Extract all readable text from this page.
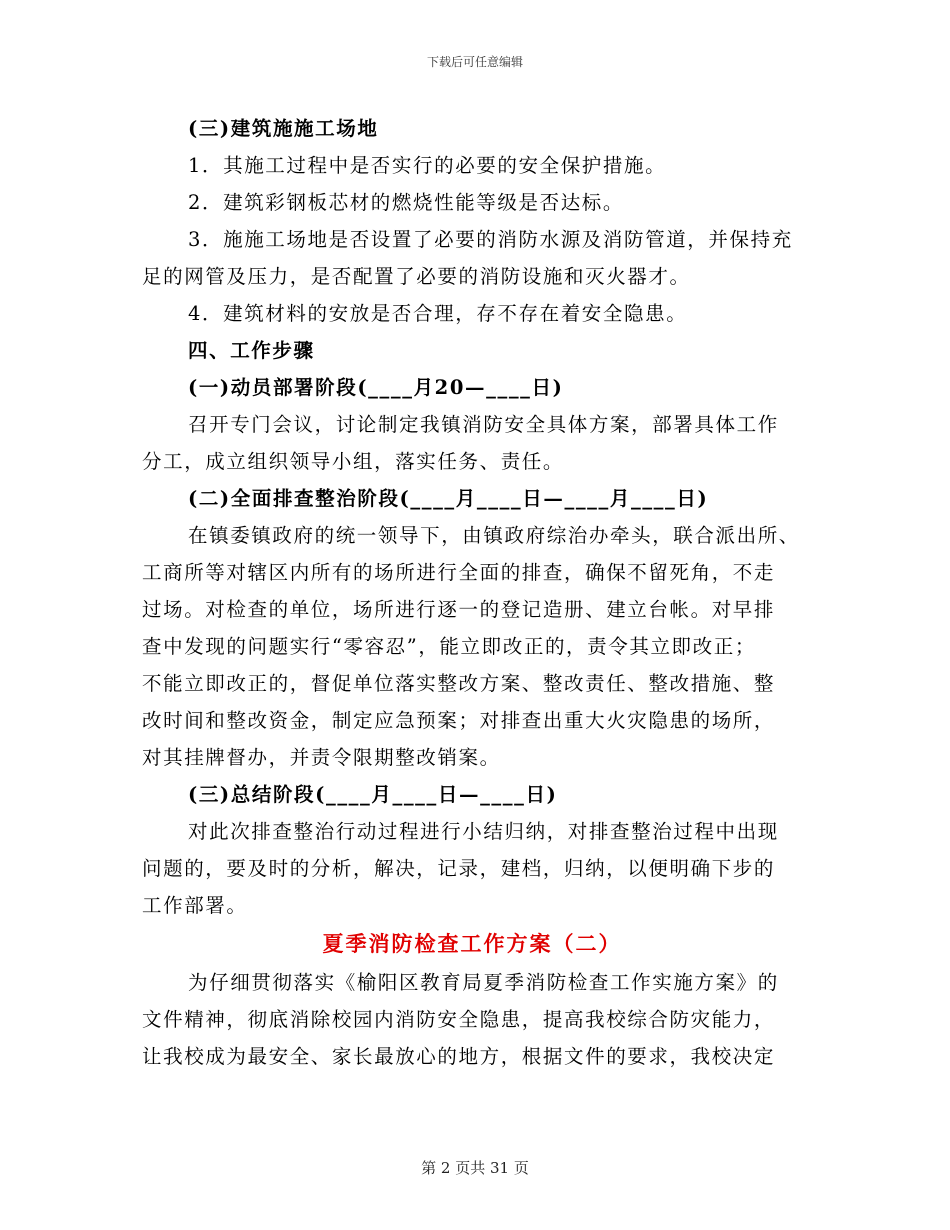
下载后可任意编辑
(三)建筑施施工场地
1．其施工过程中是否实行的必要的安全保护措施。
2．建筑彩钢板芯材的燃烧性能等级是否达标。
3．施施工场地是否设置了必要的消防水源及消防管道，并保持充
足的网管及压力，是否配置了必要的消防设施和灭火器才。
4．建筑材料的安放是否合理，存不存在着安全隐患。
四、工作步骤
(一)动员部署阶段(____月20—____日)
召开专门会议，讨论制定我镇消防安全具体方案，部署具体工作
分工，成立组织领导小组，落实任务、责任。
(二)全面排查整治阶段(____月____日—____月____日)
在镇委镇政府的统一领导下，由镇政府综治办牵头，联合派出所、
工商所等对辖区内所有的场所进行全面的排查，确保不留死角，不走
过场。对检查的单位，场所进行逐一的登记造册、建立台帐。对早排
查中发现的问题实行“零容忍”，能立即改正的，责令其立即改正；
不能立即改正的，督促单位落实整改方案、整改责任、整改措施、整
改时间和整改资金，制定应急预案；对排查出重大火灾隐患的场所，
对其挂牌督办，并责令限期整改销案。
(三)总结阶段(____月____日—____日)
对此次排查整治行动过程进行小结归纳，对排查整治过程中出现
问题的，要及时的分析，解决，记录，建档，归纳，以便明确下步的
工作部署。
夏季消防检查工作方案（二）
为仔细贯彻落实《榆阳区教育局夏季消防检查工作实施方案》的
文件精神，彻底消除校园内消防安全隐患，提高我校综合防灾能力，
让我校成为最安全、家长最放心的地方，根据文件的要求，我校决定
第 2 页共 31 页
